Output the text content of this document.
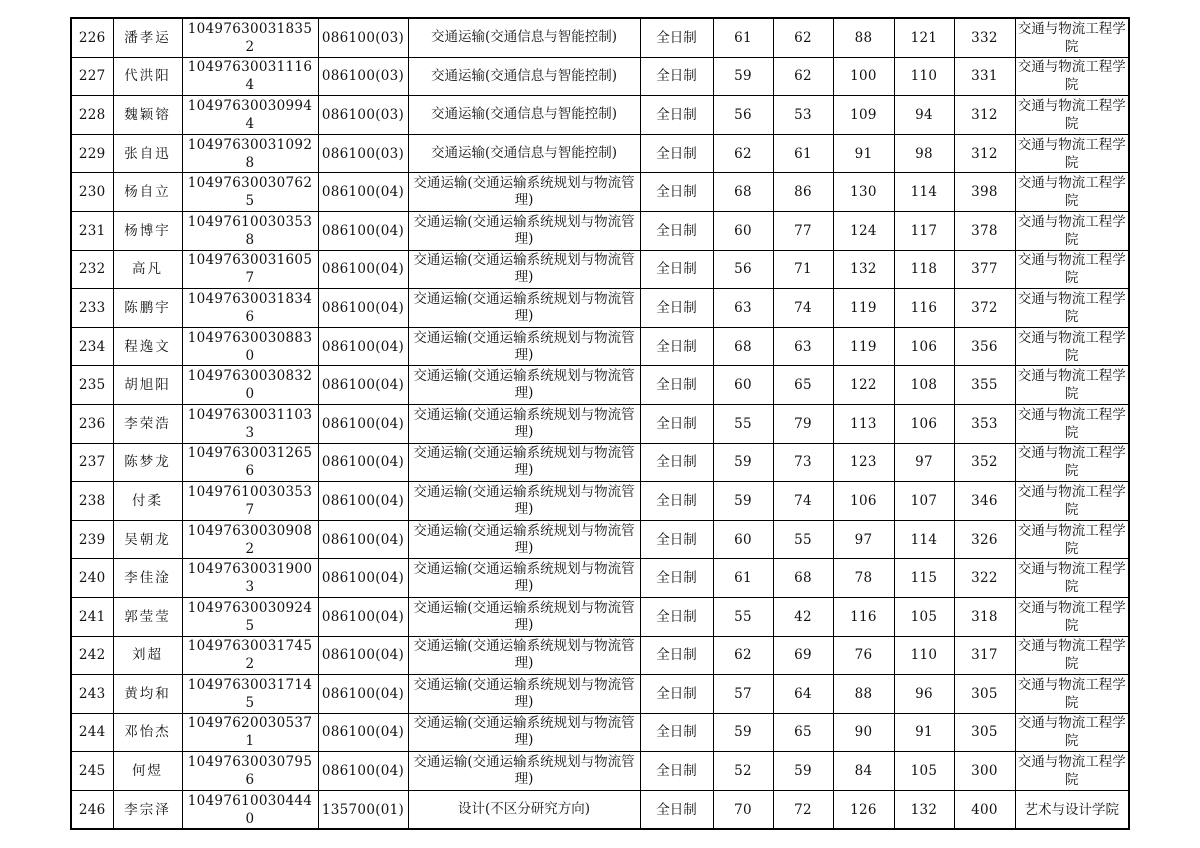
226	潘孝运	104976300318352	086100(03)	交通运输(交通信息与智能控制)	全日制	61	62	88	121	332	交通与物流工程学院
227	代洪阳	104976300311164	086100(03)	交通运输(交通信息与智能控制)	全日制	59	62	100	110	331	交通与物流工程学院
228	魏颖镕	104976300309944	086100(03)	交通运输(交通信息与智能控制)	全日制	56	53	109	94	312	交通与物流工程学院
229	张自迅	104976300310928	086100(03)	交通运输(交通信息与智能控制)	全日制	62	61	91	98	312	交通与物流工程学院
230	杨自立	104976300307625	086100(04)	交通运输(交通运输系统规划与物流管理)	全日制	68	86	130	114	398	交通与物流工程学院
231	杨博宇	104976100303538	086100(04)	交通运输(交通运输系统规划与物流管理)	全日制	60	77	124	117	378	交通与物流工程学院
232	高凡	104976300316057	086100(04)	交通运输(交通运输系统规划与物流管理)	全日制	56	71	132	118	377	交通与物流工程学院
233	陈鹏宇	104976300318346	086100(04)	交通运输(交通运输系统规划与物流管理)	全日制	63	74	119	116	372	交通与物流工程学院
234	程逸文	104976300308830	086100(04)	交通运输(交通运输系统规划与物流管理)	全日制	68	63	119	106	356	交通与物流工程学院
235	胡旭阳	104976300308320	086100(04)	交通运输(交通运输系统规划与物流管理)	全日制	60	65	122	108	355	交通与物流工程学院
236	李荣浩	104976300311033	086100(04)	交通运输(交通运输系统规划与物流管理)	全日制	55	79	113	106	353	交通与物流工程学院
237	陈梦龙	104976300312656	086100(04)	交通运输(交通运输系统规划与物流管理)	全日制	59	73	123	97	352	交通与物流工程学院
238	付柔	104976100303537	086100(04)	交通运输(交通运输系统规划与物流管理)	全日制	59	74	106	107	346	交通与物流工程学院
239	吴朝龙	104976300309082	086100(04)	交通运输(交通运输系统规划与物流管理)	全日制	60	55	97	114	326	交通与物流工程学院
240	李佳淦	104976300319003	086100(04)	交通运输(交通运输系统规划与物流管理)	全日制	61	68	78	115	322	交通与物流工程学院
241	郭莹莹	104976300309245	086100(04)	交通运输(交通运输系统规划与物流管理)	全日制	55	42	116	105	318	交通与物流工程学院
242	刘超	104976300317452	086100(04)	交通运输(交通运输系统规划与物流管理)	全日制	62	69	76	110	317	交通与物流工程学院
243	黄均和	104976300317145	086100(04)	交通运输(交通运输系统规划与物流管理)	全日制	57	64	88	96	305	交通与物流工程学院
244	邓怡杰	104976200305371	086100(04)	交通运输(交通运输系统规划与物流管理)	全日制	59	65	90	91	305	交通与物流工程学院
245	何煜	104976300307956	086100(04)	交通运输(交通运输系统规划与物流管理)	全日制	52	59	84	105	300	交通与物流工程学院
246	李宗泽	104976100304440	135700(01)	设计(不区分研究方向)	全日制	70	72	126	132	400	艺术与设计学院
